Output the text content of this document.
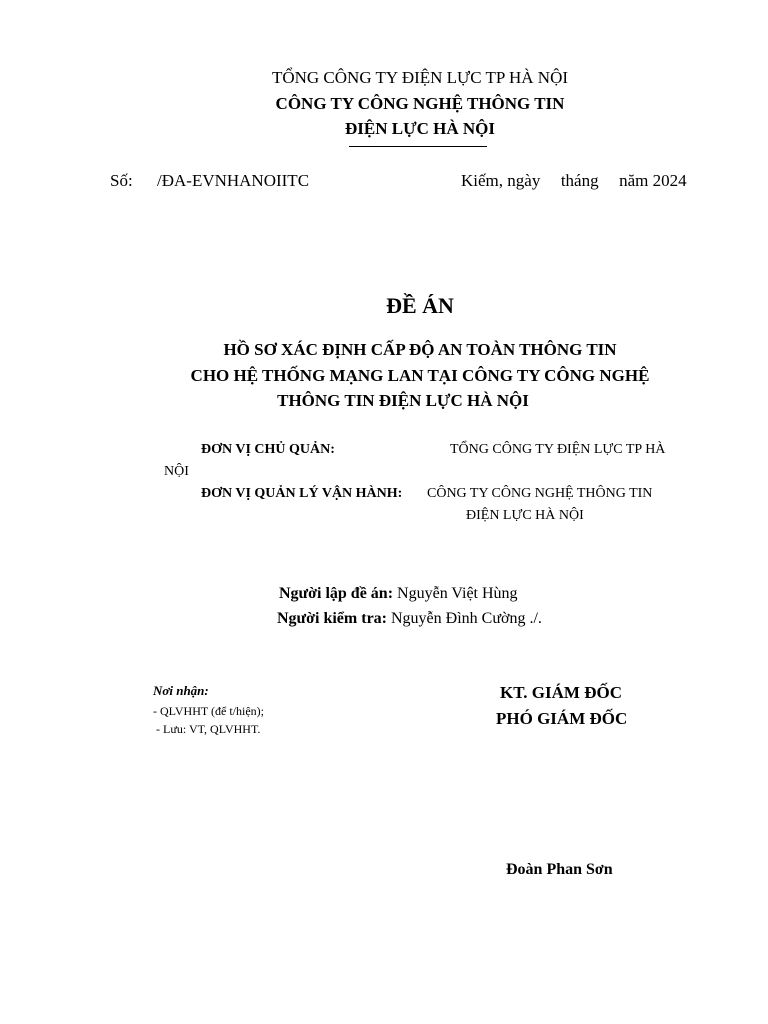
TỔNG CÔNG TY ĐIỆN LỰC TP HÀ NỘI
CÔNG TY CÔNG NGHỆ THÔNG TIN
ĐIỆN LỰC HÀ NỘI
Số: /ĐA-EVNHANOIITC	Kiếm, ngày tháng năm 2024
ĐỀ ÁN
HỒ SƠ XÁC ĐỊNH CẤP ĐỘ AN TOÀN THÔNG TIN
CHO HỆ THỐNG MẠNG LAN TẠI CÔNG TY CÔNG NGHỆ
THÔNG TIN ĐIỆN LỰC HÀ NỘI
ĐƠN VỊ CHỦ QUẢN:	TỔNG CÔNG TY ĐIỆN LỰC TP HÀ
NỘI
ĐƠN VỊ QUẢN LÝ VẬN HÀNH: CÔNG TY CÔNG NGHỆ THÔNG TIN
ĐIỆN LỰC HÀ NỘI
Người lập đề án: Nguyễn Việt Hùng
Người kiểm tra: Nguyễn Đình Cường ./.
Nơi nhận:
- QLVHHT (để t/hiện);
- Lưu: VT, QLVHHT.
KT. GIÁM ĐỐC
PHÓ GIÁM ĐỐC
Đoàn Phan Sơn
